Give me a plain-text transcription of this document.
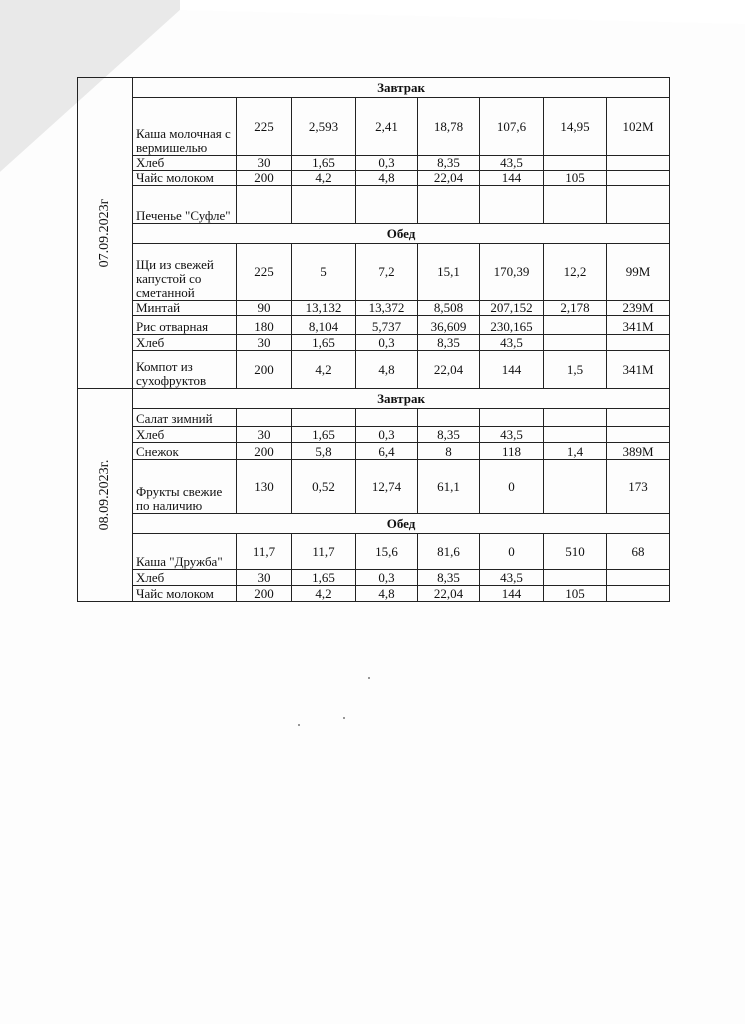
07.09.2023г	Завтрак							
	Каша молочная с вермишелью	225	2,593	2,41	18,78	107,6	14,95	102М
	Хлеб	30	1,65	0,3	8,35	43,5		
	Чайс молоком	200	4,2	4,8	22,04	144	105	
	Печенье "Суфле"							
	Обед							
	Щи из свежей капустой со сметанной	225	5	7,2	15,1	170,39	12,2	99М
	Минтай	90	13,132	13,372	8,508	207,152	2,178	239М
	Рис отварная	180	8,104	5,737	36,609	230,165		341М
	Хлеб	30	1,65	0,3	8,35	43,5		
	Компот из сухофруктов	200	4,2	4,8	22,04	144	1,5	341М

08.09.2023г.	Завтрак							
	Салат зимний							
	Хлеб	30	1,65	0,3	8,35	43,5		
	Снежок	200	5,8	6,4	8	118	1,4	389М
	Фрукты свежие по наличию	130	0,52	12,74	61,1	0		173
	Обед							
	Каша "Дружба"	11,7	11,7	15,6	81,6	0	510	68
	Хлеб	30	1,65	0,3	8,35	43,5		
	Чайс молоком	200	4,2	4,8	22,04	144	105	
